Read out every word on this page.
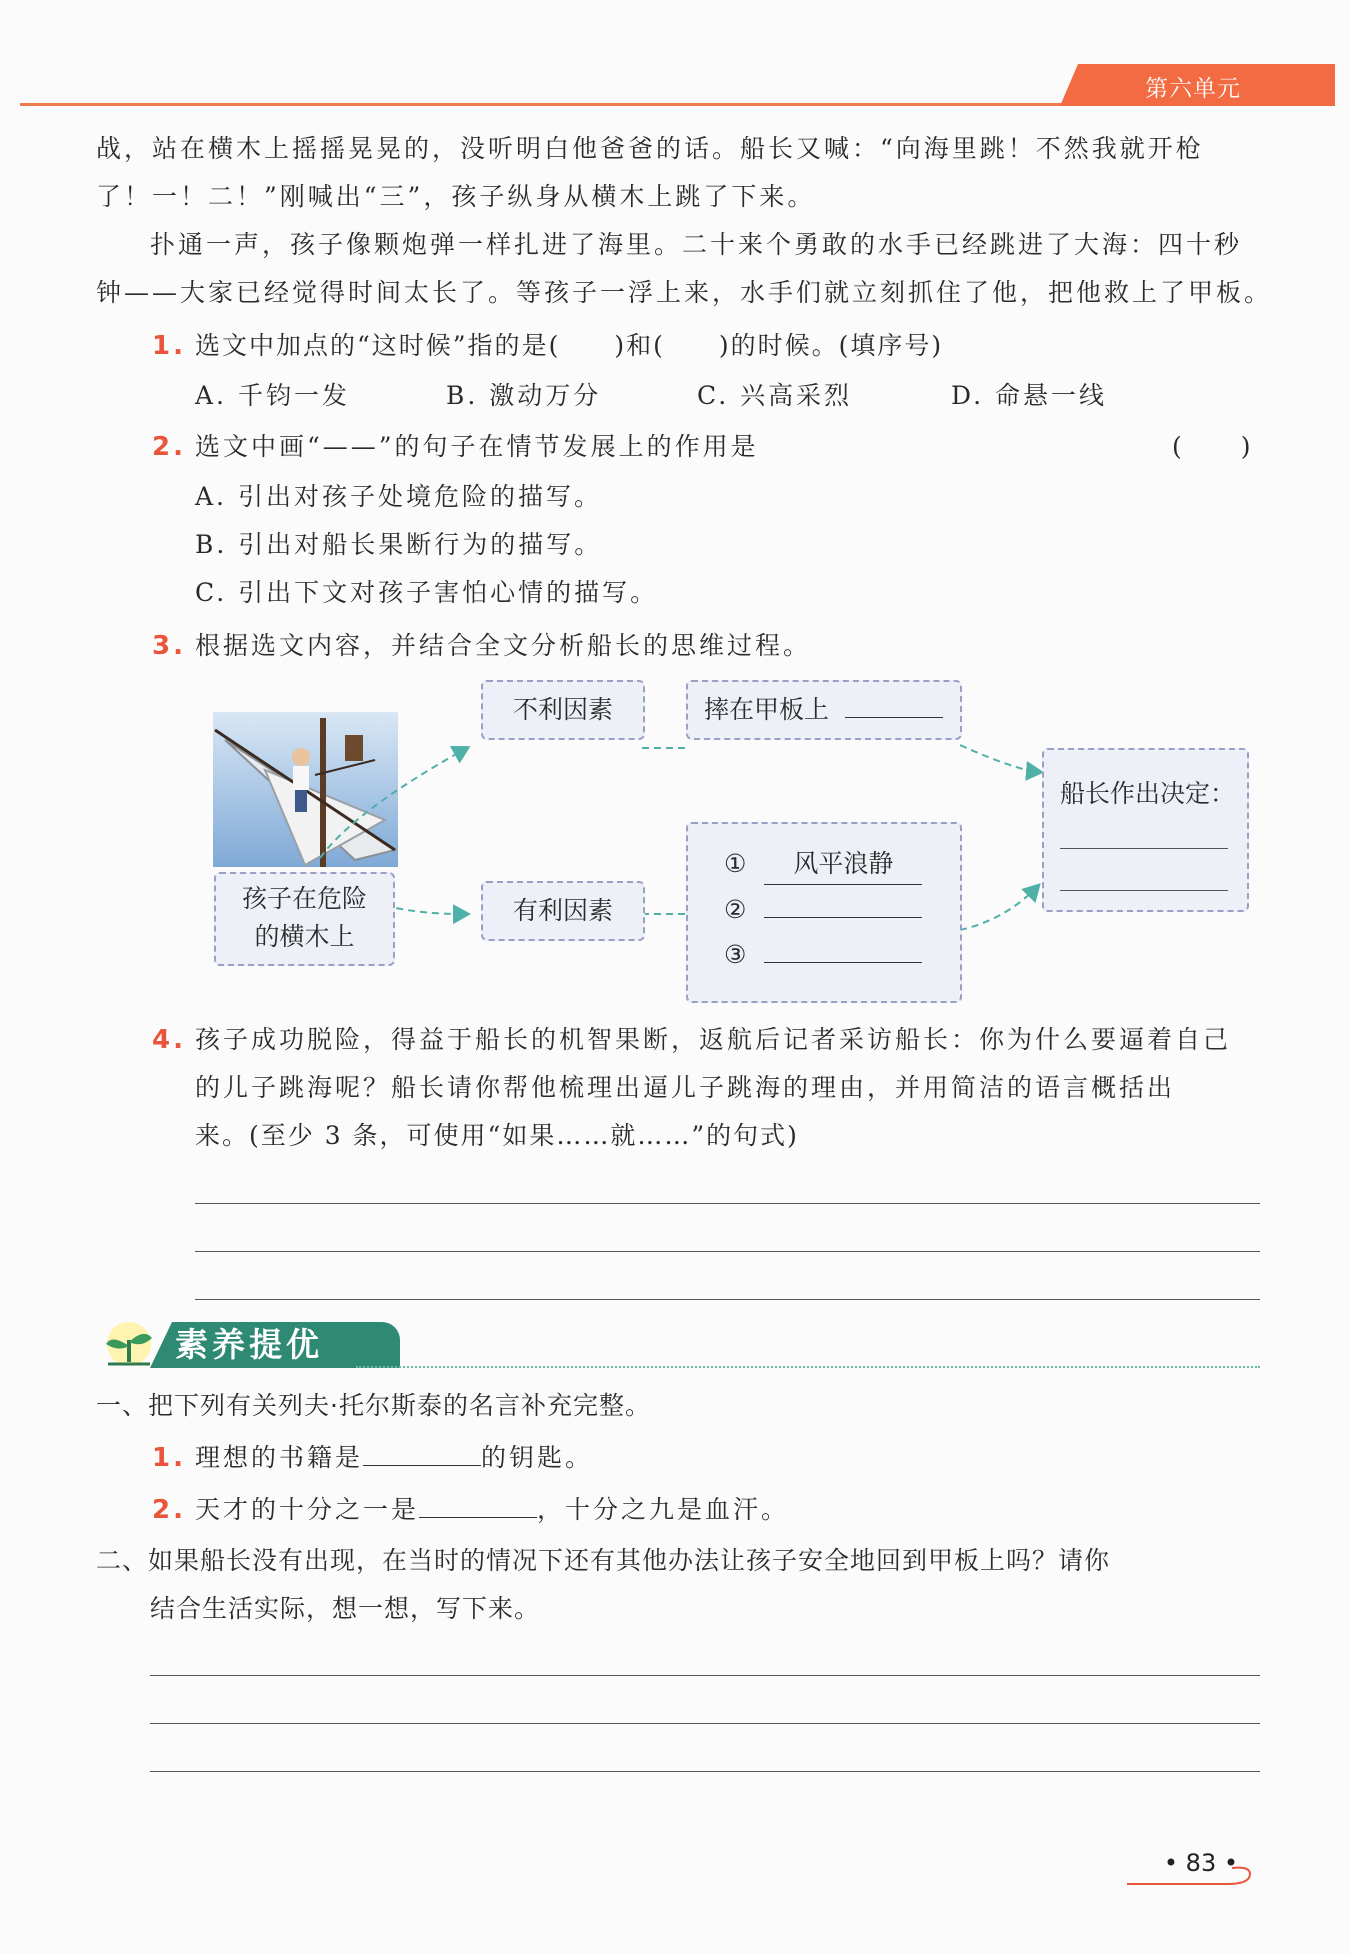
第六单元
战，站在横木上摇摇晃晃的，没听明白他爸爸的话。船长又喊：“向海里跳！不然我就开枪
了！一！二！”刚喊出“三”，孩子纵身从横木上跳了下来。
扑通一声，孩子像颗炮弹一样扎进了海里。二十来个勇敢的水手已经跳进了大海：四十秒
钟——大家已经觉得时间太长了。等孩子一浮上来，水手们就立刻抓住了他，把他救上了甲板。
1. 选文中加点的“这时候”指的是(　　)和(　　)的时候。(填序号)
A. 千钧一发	B. 激动万分	C. 兴高采烈	D. 命悬一线
2. 选文中画“——”的句子在情节发展上的作用是	(　　)
A. 引出对孩子处境危险的描写。
B. 引出对船长果断行为的描写。
C. 引出下文对孩子害怕心情的描写。
3. 根据选文内容，并结合全文分析船长的思维过程。
孩子在危险
的横木上
不利因素	摔在甲板上
有利因素
① 风平浪静
②
③
船长作出决定：
4. 孩子成功脱险，得益于船长的机智果断，返航后记者采访船长：你为什么要逼着自己
的儿子跳海呢？船长请你帮他梳理出逼儿子跳海的理由，并用简洁的语言概括出
来。(至少 3 条，可使用“如果……就……”的句式)
素养提优
一、把下列有关列夫·托尔斯泰的名言补充完整。
1. 理想的书籍是	的钥匙。
2. 天才的十分之一是	，十分之九是血汗。
二、如果船长没有出现，在当时的情况下还有其他办法让孩子安全地回到甲板上吗？请你
结合生活实际，想一想，写下来。
• 83 •
